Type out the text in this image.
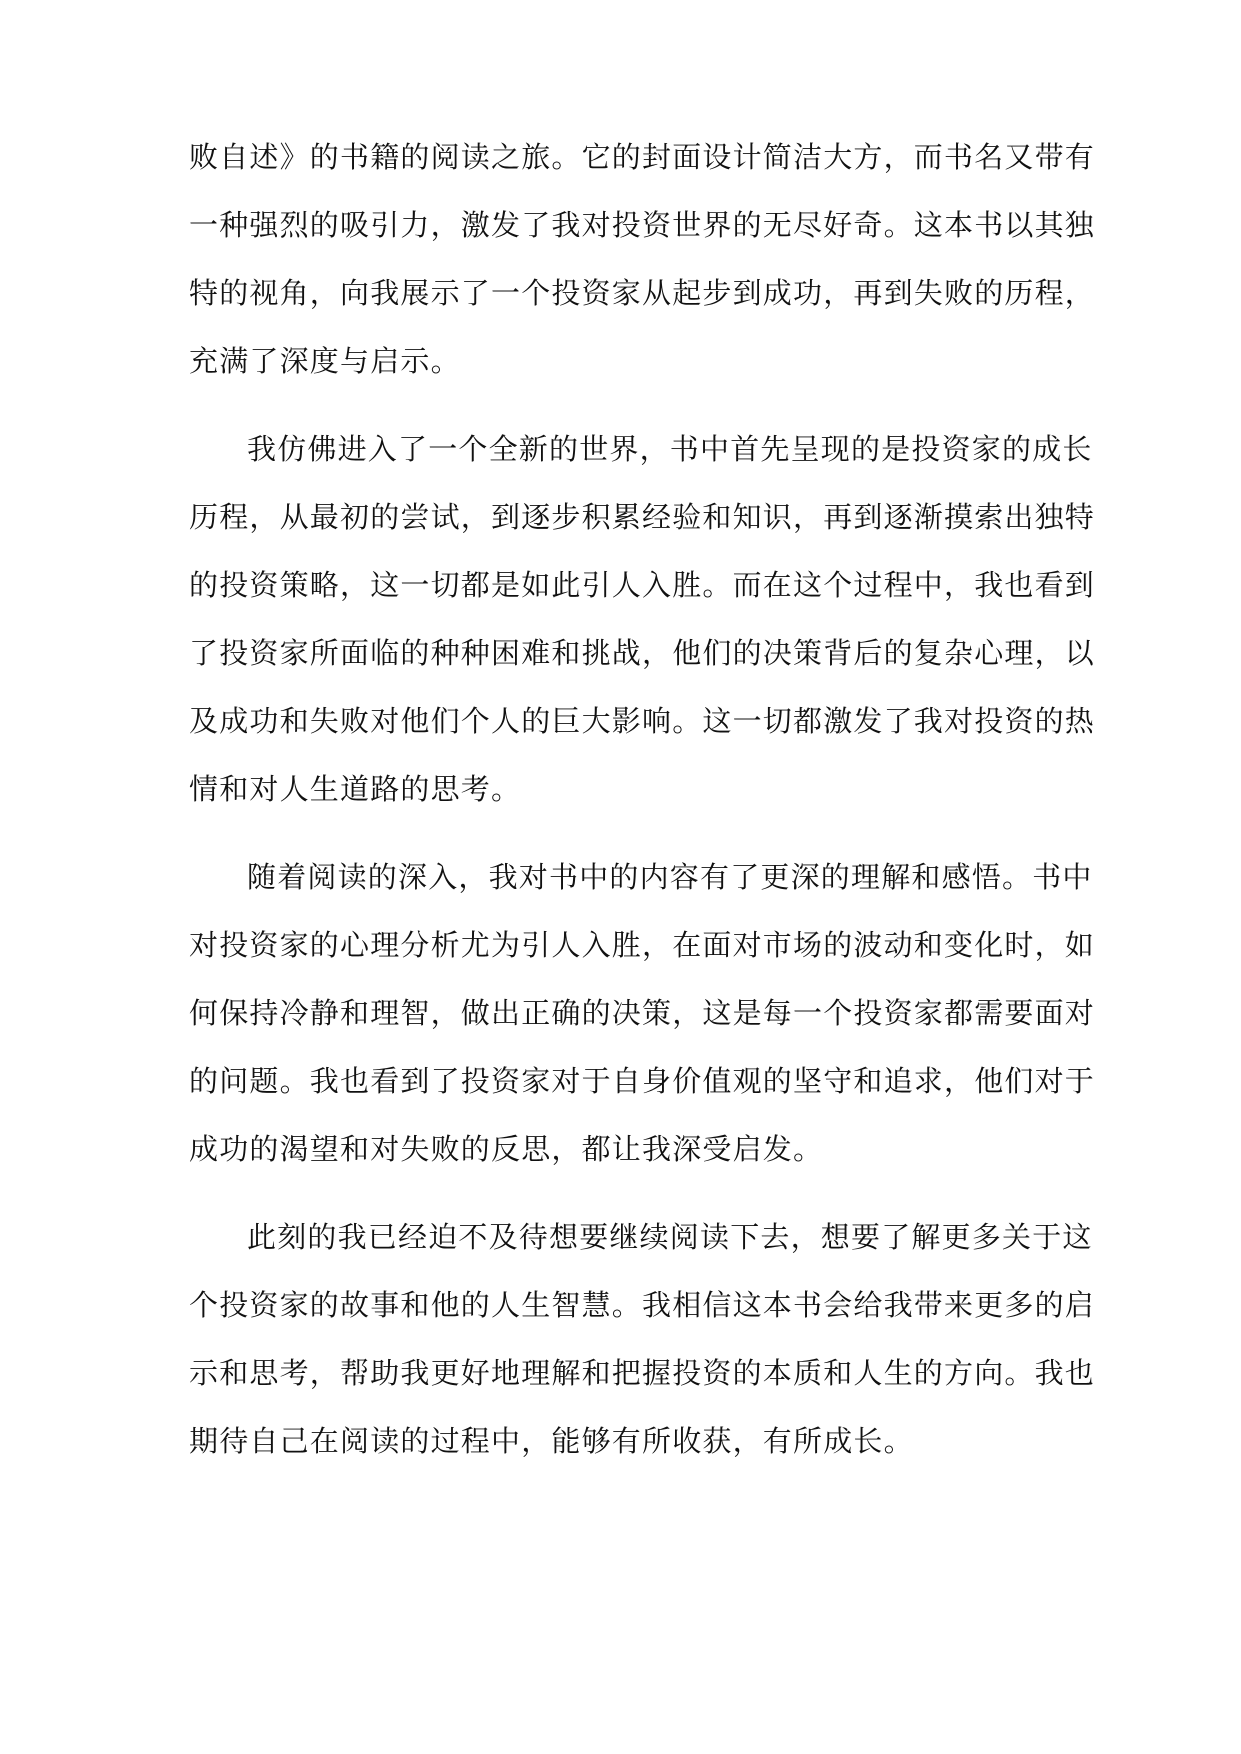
败自述》的书籍的阅读之旅。它的封面设计简洁大方，而书名又带有
一种强烈的吸引力，激发了我对投资世界的无尽好奇。这本书以其独
特的视角，向我展示了一个投资家从起步到成功，再到失败的历程，
充满了深度与启示。
我仿佛进入了一个全新的世界，书中首先呈现的是投资家的成长
历程，从最初的尝试，到逐步积累经验和知识，再到逐渐摸索出独特
的投资策略，这一切都是如此引人入胜。而在这个过程中，我也看到
了投资家所面临的种种困难和挑战，他们的决策背后的复杂心理，以
及成功和失败对他们个人的巨大影响。这一切都激发了我对投资的热
情和对人生道路的思考。
随着阅读的深入，我对书中的内容有了更深的理解和感悟。书中
对投资家的心理分析尤为引人入胜，在面对市场的波动和变化时，如
何保持冷静和理智，做出正确的决策，这是每一个投资家都需要面对
的问题。我也看到了投资家对于自身价值观的坚守和追求，他们对于
成功的渴望和对失败的反思，都让我深受启发。
此刻的我已经迫不及待想要继续阅读下去，想要了解更多关于这
个投资家的故事和他的人生智慧。我相信这本书会给我带来更多的启
示和思考，帮助我更好地理解和把握投资的本质和人生的方向。我也
期待自己在阅读的过程中，能够有所收获，有所成长。
